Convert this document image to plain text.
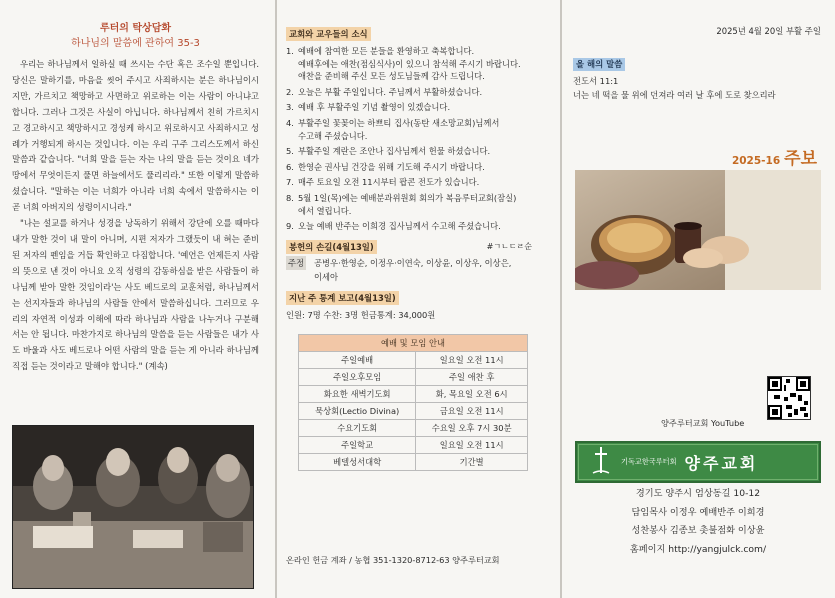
루터의 탁상담화
하나님의 말씀에 관하여 35-3

우리는 하나님께서 일하실 때 쓰시는 수단 혹은 조수일 뿐입니다. 당신은 말하기를, 마음을 씻어 주시고 사죄하시는 분은 하나님이시지만, 가르치고 책망하고 사면하고 위로하는 이는 사람이 아니냐고 합니다. 그러나 그것은 사실이 아닙니다. 하나님께서 친히 가르치시고 경고하시고 책망하시고 경성케 하시고 위로하시고 사죄하시고 성례가 거행되게 하시는 것입니다. 이는 우리 구주 그리스도께서 하신 말씀과 같습니다. "너희 말을 듣는 자는 나의 말을 듣는 것이요 네가 땅에서 무엇이든지 풀면 하늘에서도 풀리리라." 또한 이렇게 말씀하셨습니다. "말하는 이는 너희가 아니라 너희 속에서 말씀하시는 이 곧 너희 아버지의 성령이시니라."

"나는 설교를 하거나 성경을 낭독하기 위해서 강단에 오를 때마다 내가 말한 것이 내 말이 아니며, 시편 저자가 그랬듯이 내 혀는 준비된 저자의 펜임을 거듭 확인하고 다짐합니다. '예언은 언제든지 사람의 뜻으로 낸 것이 아니요 오직 성령의 감동하심을 받은 사람들이 하나님께 받아 말한 것임이라'는 사도 베드로의 교훈처럼, 하나님께서는 선지자들과 하나님의 사람들 안에서 말씀하십니다. 그러므로 우리의 자연적 이성과 이해에 따라 하나님과 사람을 나누거나 구분해서는 안 됩니다. 마찬가지로 하나님의 말씀을 듣는 사람들은 내가 사도 바울과 사도 베드로나 어떤 사람의 말을 듣는 게 아니라 하나님께 직접 듣는 것이라고 말해야 합니다." (계속)

교회와 교우들의 소식
1. 예배에 참여한 모든 분들을 환영하고 축복합니다.
예배후에는 애찬(점심식사)이 있으니 참석해 주시기 바랍니다.
애찬을 준비해 주신 모든 성도님들께 감사 드립니다.
2. 오늘은 부활 주일입니다. 주님께서 부활하셨습니다.
3. 예배 후 부활주일 기념 촬영이 있겠습니다.
4. 부활주일 꽃꽂이는 하쁘티 집사(동탄 새소망교회)님께서
수고해 주셨습니다.
5. 부활주일 계란은 조안나 집사님께서 헌물 하셨습니다.
6. 한영순 권사님 건강을 위해 기도해 주시기 바랍니다.
7. 매주 토요일 오전 11시부터 팝콘 전도가 있습니다.
8. 5월 1일(목)에는 예배분과위원회 회의가 복음루터교회(잠실)
에서 열립니다.
9. 오늘 예배 반주는 이희경 집사님께서 수고해 주셨습니다.
봉헌의 손길(4월13일)	#ㄱㄴㄷㄹ순
주정 공병우·한영순, 이정우·이연숙, 이상윤, 이상우, 이상은, 이세아
지난 주 통계 보고(4월13일)
인원: 7명 수찬: 3명 헌금통계: 34,000원
예배 및 모임 안내	
주일예배	일요일 오전 11시
주일오후모임	주일 애찬 후
화요한 새벽기도회	화, 목요일 오전 6시
묵상회(Lectio Divina)	금요일 오전 11시
수요기도회	수요일 오후 7시 30분
주일학교	일요일 오전 11시
베델성서대학	기간별
온라인 헌금 계좌 / 농협 351-1320-8712-63 양주루터교회
2025년 4월 20일 부활 주일
올 해의 말씀
전도서 11:1
너는 네 떡을 물 위에 던져라 여러 날 후에 도로 찾으리라
2025-16 주보
양주루터교회 YouTube
기독교한국루터회 양주교회
경기도 양주시 엄상동길 10-12
담임목사 이정우 예배반주 이희경
성찬봉사 김종보 촛불점화 이상윤
홈페이지 http://yangjulck.com/
